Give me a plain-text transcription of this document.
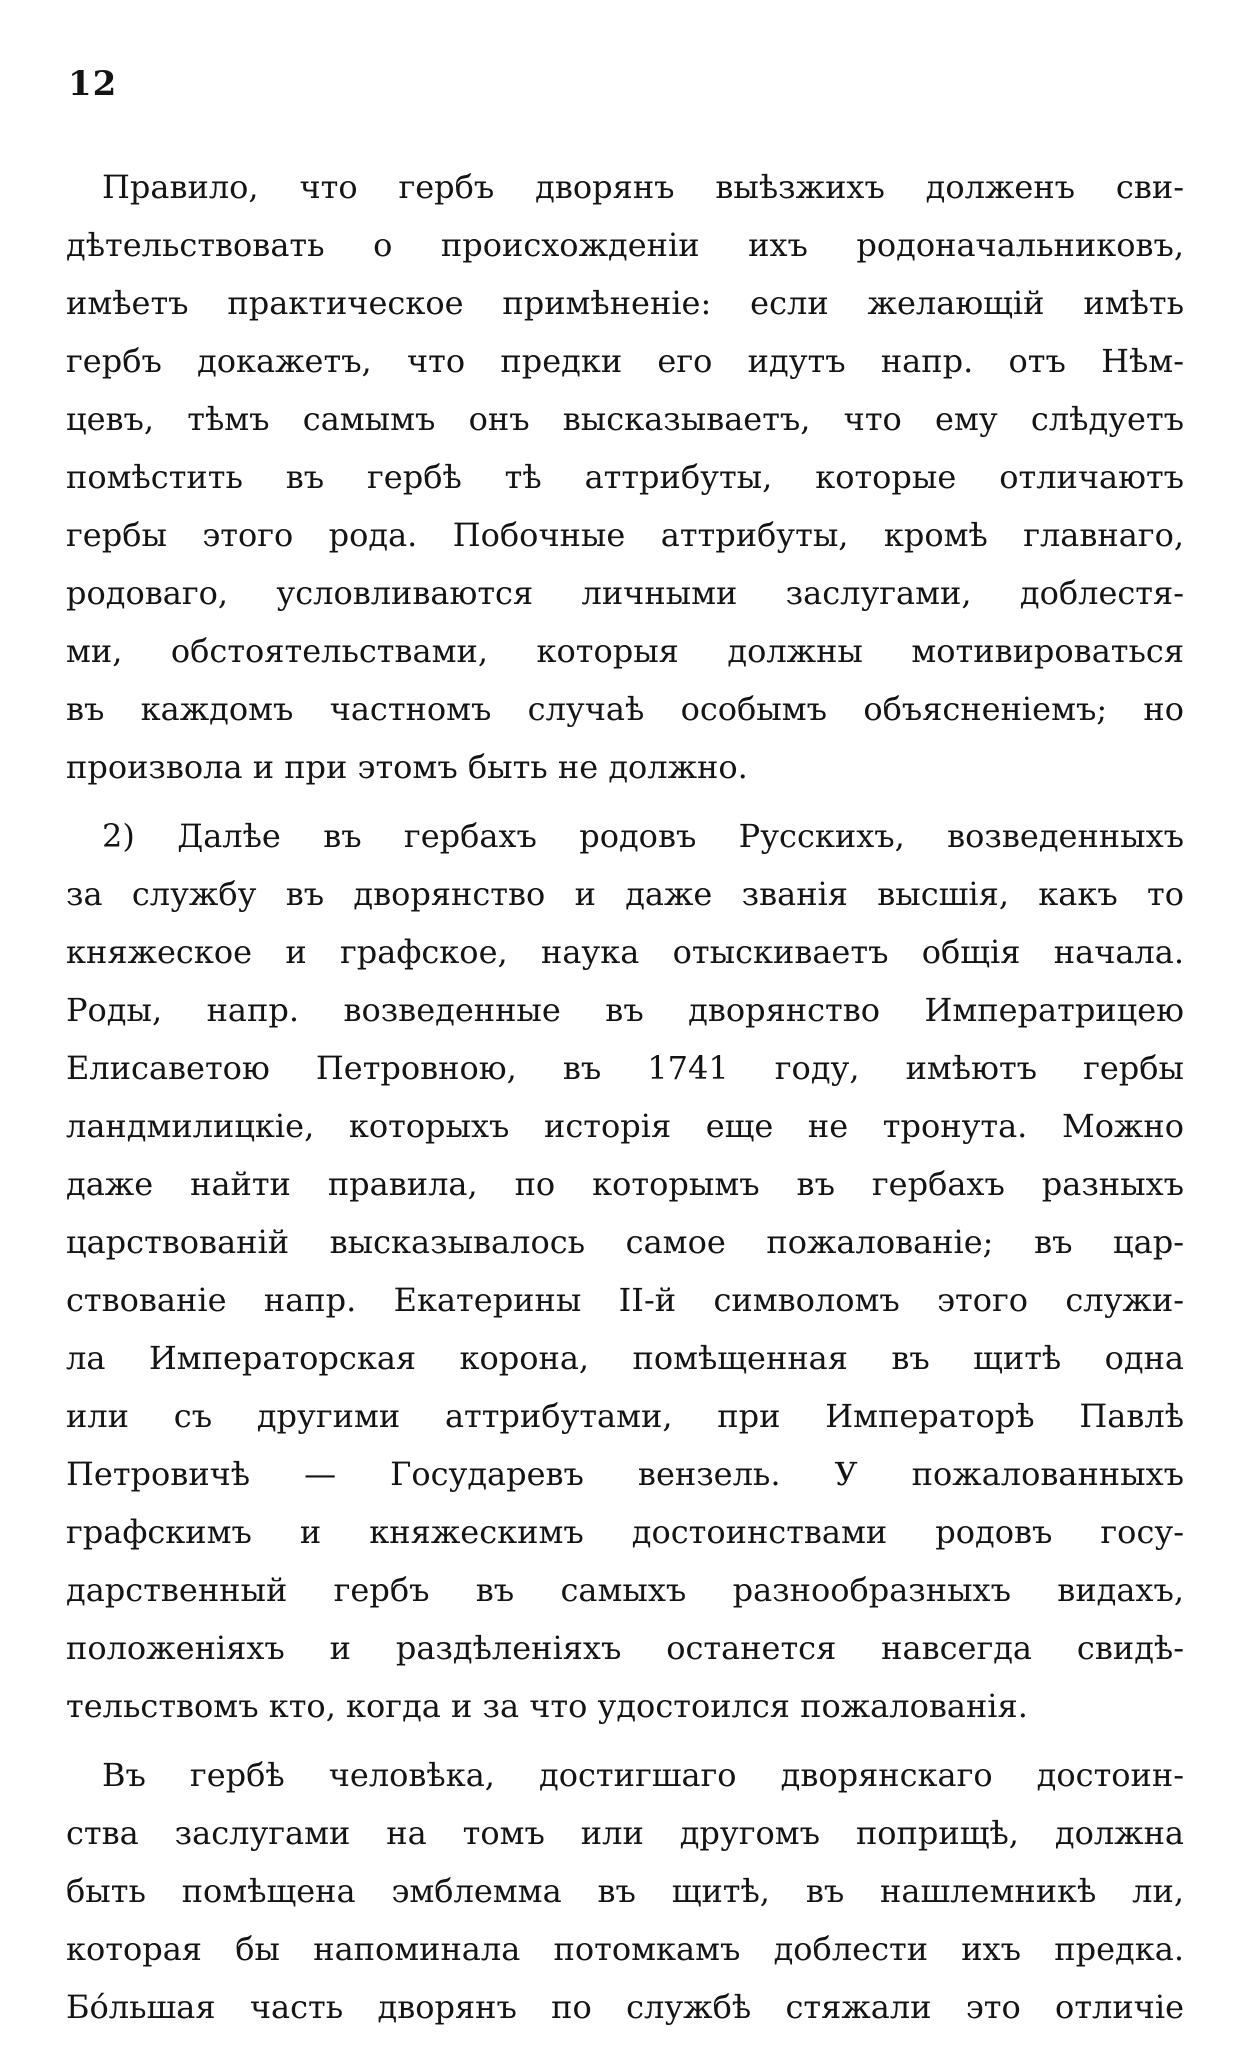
12
Правило, что гербъ дворянъ выѣзжихъ долженъ сви-
дѣтельствовать о происхожденіи ихъ родоначальниковъ,
имѣетъ практическое примѣненіе: если желающій имѣть
гербъ докажетъ, что предки его идутъ напр. отъ Нѣм-
цевъ, тѣмъ самымъ онъ высказываетъ, что ему слѣдуетъ
помѣстить въ гербѣ тѣ аттрибуты, которые отличаютъ
гербы этого рода. Побочные аттрибуты, кромѣ главнаго,
родоваго, условливаются личными заслугами, доблестя-
ми, обстоятельствами, которыя должны мотивироваться
въ каждомъ частномъ случаѣ особымъ объясненіемъ; но
произвола и при этомъ быть не должно.
2) Далѣе въ гербахъ родовъ Русскихъ, возведенныхъ
за службу въ дворянство и даже званія высшія, какъ то
княжеское и графское, наука отыскиваетъ общія начала.
Роды, напр. возведенные въ дворянство Императрицею
Елисаветою Петровною, въ 1741 году, имѣютъ гербы
ландмилицкіе, которыхъ исторія еще не тронута. Можно
даже найти правила, по которымъ въ гербахъ разныхъ
царствованій высказывалось самое пожалованіе; въ цар-
ствованіе напр. Екатерины II-й символомъ этого служи-
ла Императорская корона, помѣщенная въ щитѣ одна
или съ другими аттрибутами, при Императорѣ Павлѣ
Петровичѣ — Государевъ вензель. У пожалованныхъ
графскимъ и княжескимъ достоинствами родовъ госу-
дарственный гербъ въ самыхъ разнообразныхъ видахъ,
положеніяхъ и раздѣленіяхъ останется навсегда свидѣ-
тельствомъ кто, когда и за что удостоился пожалованія.
Въ гербѣ человѣка, достигшаго дворянскаго достоин-
ства заслугами на томъ или другомъ поприщѣ, должна
быть помѣщена эмблемма въ щитѣ, въ нашлемникѣ ли,
которая бы напоминала потомкамъ доблести ихъ предка.
Бо́льшая часть дворянъ по службѣ стяжали это отличіе
